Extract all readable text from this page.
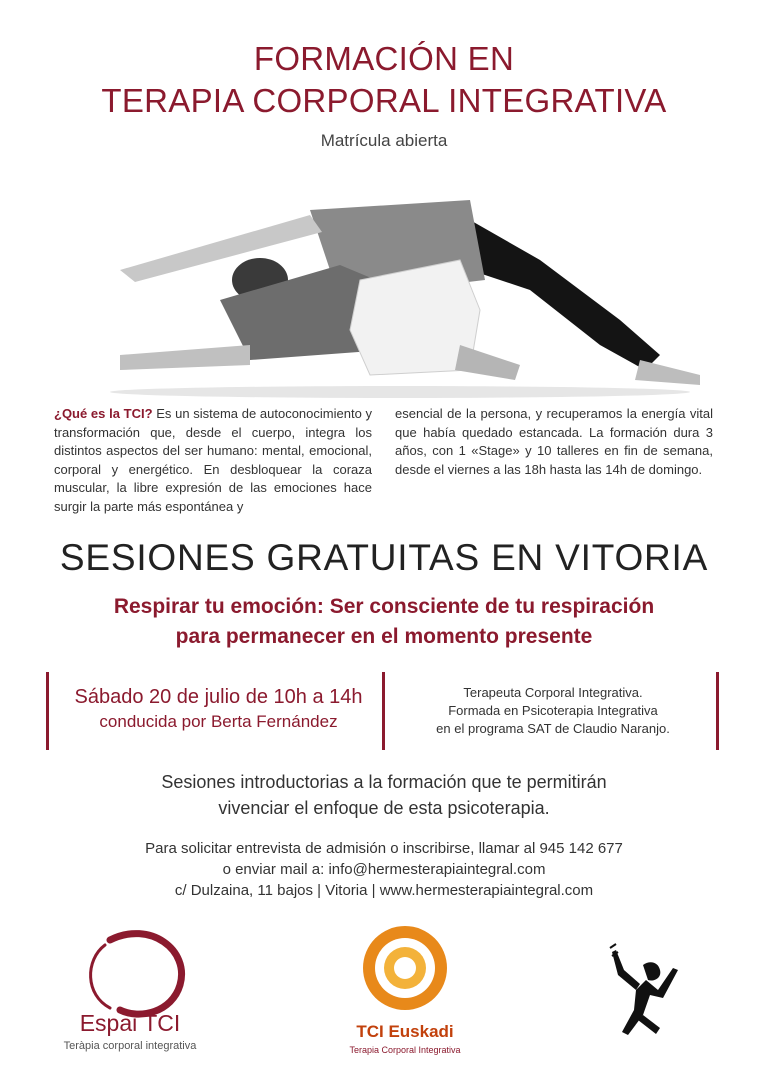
FORMACIÓN EN
TERAPIA CORPORAL INTEGRATIVA
Matrícula abierta
¿Qué es la TCI? Es un sistema de autoconocimiento y transformación que, desde el cuerpo, integra los distintos aspectos del ser humano: mental, emocional, corporal y energético. En desbloquear la coraza muscular, la libre expresión de las emociones hace surgir la parte más espontánea y
esencial de la persona, y recuperamos la energía vital que había quedado estancada. La formación dura 3 años, con 1 «Stage» y 10 talleres en fin de semana, desde el viernes a las 18h hasta las 14h de domingo.
SESIONES GRATUITAS EN VITORIA
Respirar tu emoción: Ser consciente de tu respiración
para permanecer en el momento presente
Sábado 20 de julio de 10h a 14h
conducida por Berta Fernández
Terapeuta Corporal Integrativa.
Formada en Psicoterapia Integrativa
en el programa SAT de Claudio Naranjo.
Sesiones introductorias a la formación que te permitirán
vivenciar el enfoque de esta psicoterapia.
Para solicitar entrevista de admisión o inscribirse, llamar al 945 142 677
o enviar mail a: info@hermesterapiaintegral.com
c/ Dulzaina, 11 bajos | Vitoria | www.hermesterapiaintegral.com
Espai TCI
Teràpia corporal integrativa
TCI Euskadi
Terapia Corporal Integrativa
